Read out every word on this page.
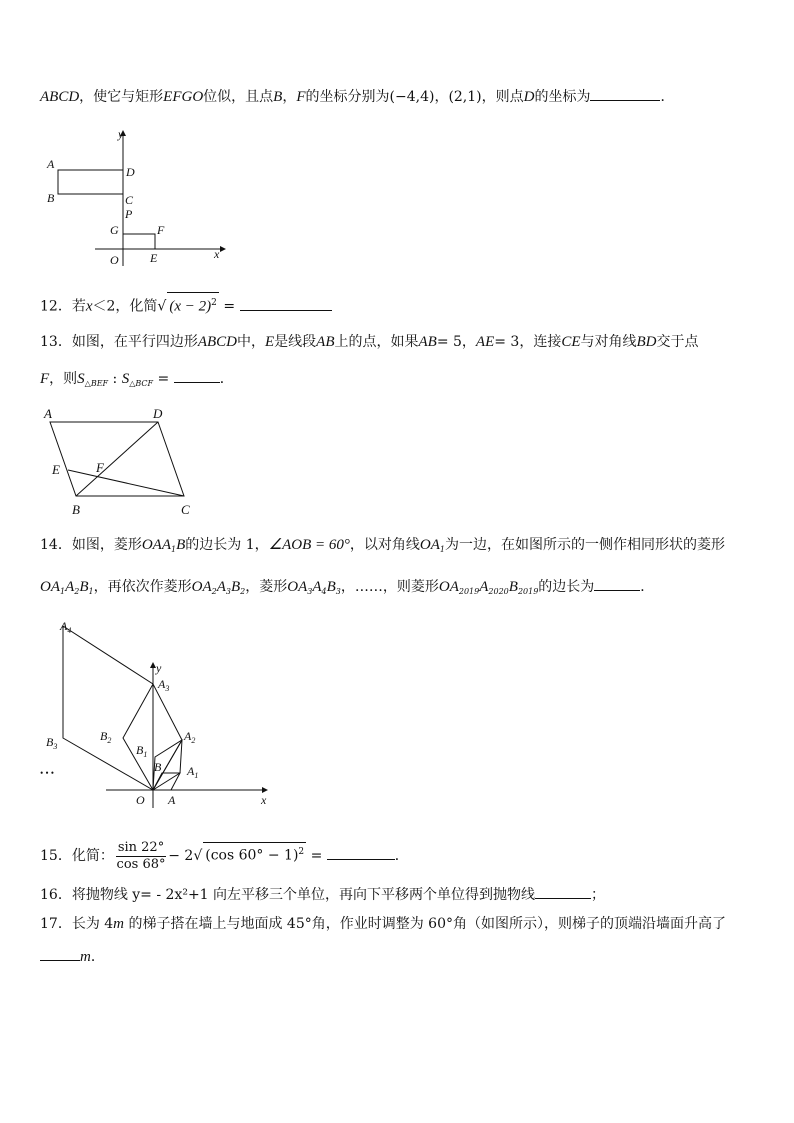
ABCD，使它与矩形EFGO位似，且点B，F的坐标分别为(−4,4)，(2,1)，则点D的坐标为	．
A
B
D
C
P
G	F
O	E	x
y
12．若x＜2，化简√ $(x - 2)^2$ =
13．如图，在平行四边形ABCD中，E是线段AB上的点，如果AB= 5，AE= 3，连接CE与对角线BD交于点
F，则$S_{\triangle BEF}$ : $S_{\triangle BCF}$ =	．
A	D
E	F
B	C
14．如图，菱形$OAA_1B$的边长为 1，∠AOB = 60°，以对角线$OA_1$为一边，在如图所示的一侧作相同形状的菱形
$OA_1A_2B_1$，再依次作菱形$OA_2A_3B_2$，菱形$OA_3A_4B_3$，……，则菱形$OA_{2019}A_{2020}B_{2019}$的边长为	．
$A_4$
y
$A_3$
$B_2$	$A_2$
$B_1$
B $A_1$
$B_3$
• • •
O A	x
15．化简： $\frac{\sin 22^\circ}{\cos 68^\circ} - 2√$ (cos 60° − 1)$^2$ =	．
16．将抛物线 y= - 2x²+1 向左平移三个单位，再向下平移两个单位得到抛物线	；
17．长为 4m 的梯子搭在墙上与地面成 45°角，作业时调整为 60°角（如图所示），则梯子的顶端沿墙面升高了
m．
